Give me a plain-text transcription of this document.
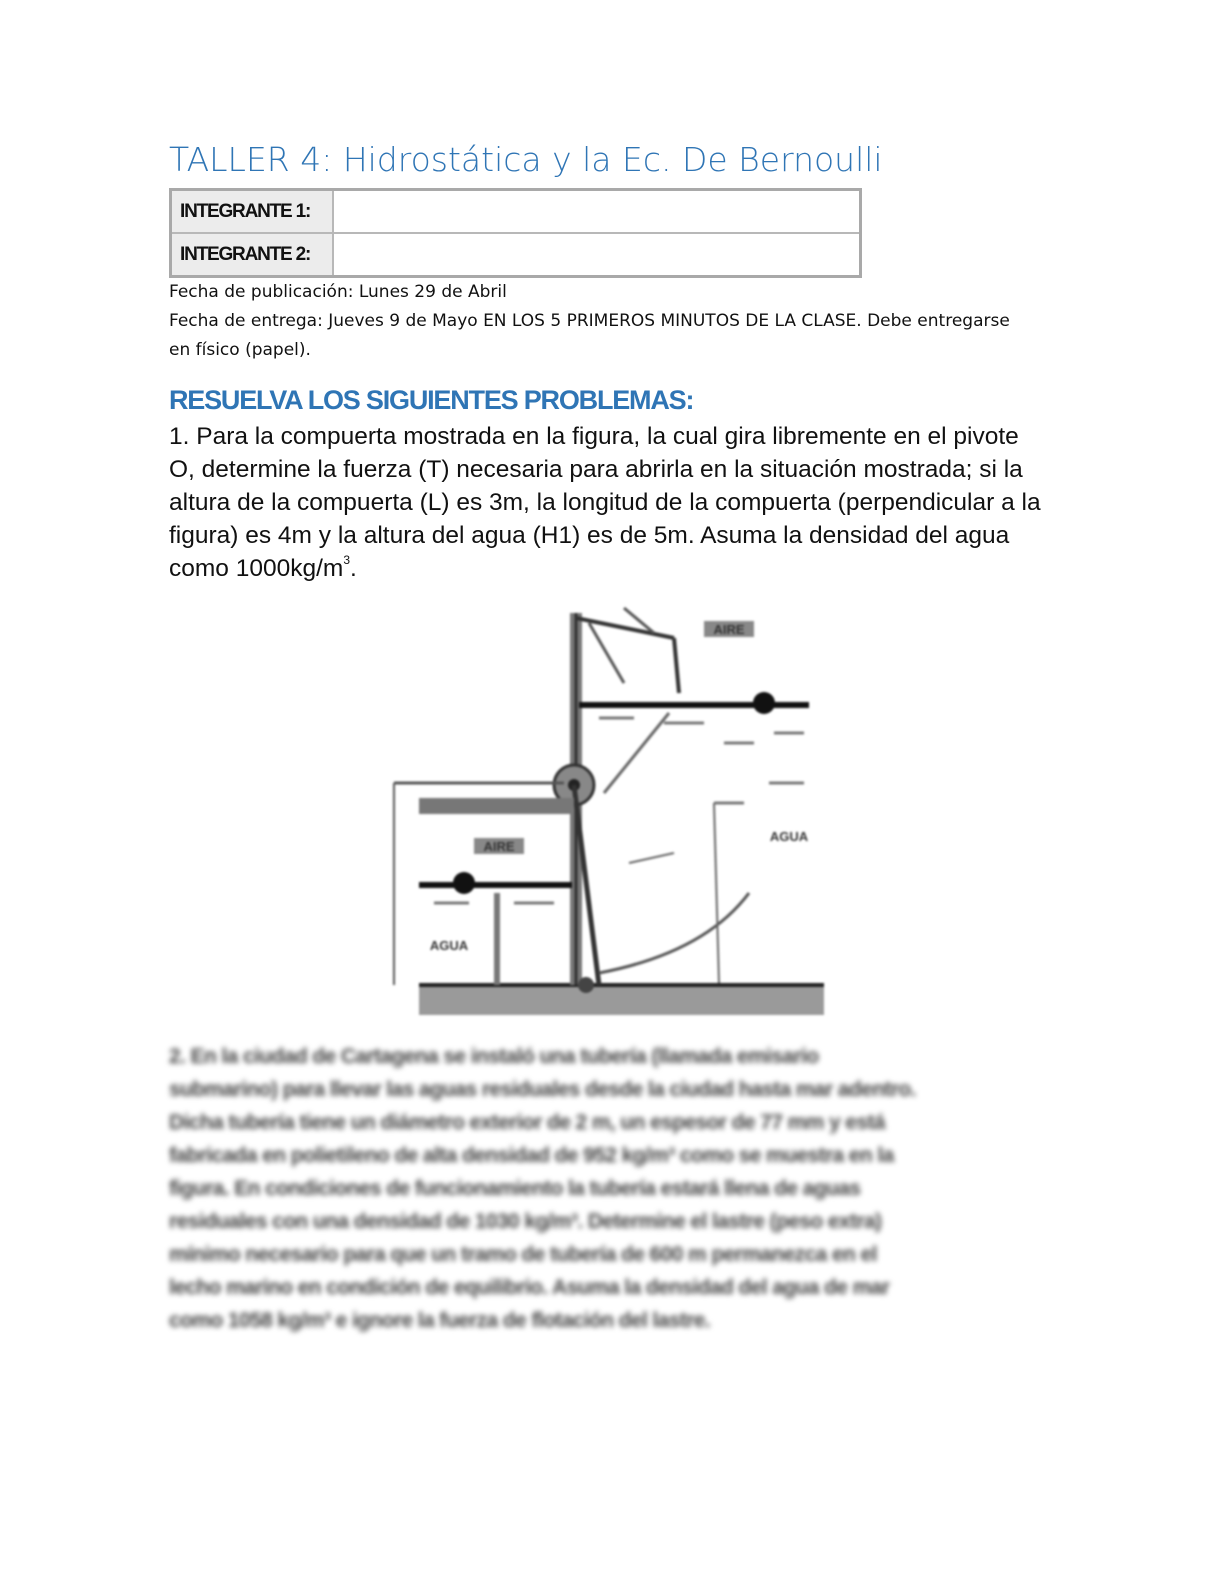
TALLER 4: Hidrostática y la Ec. De Bernoulli
INTEGRANTE 1:	
INTEGRANTE 2:	
Fecha de publicación: Lunes 29 de Abril
Fecha de entrega: Jueves 9 de Mayo EN LOS 5 PRIMEROS MINUTOS DE LA CLASE. Debe entregarse
en físico (papel).
RESUELVA LOS SIGUIENTES PROBLEMAS:
1. Para la compuerta mostrada en la figura, la cual gira libremente en el pivote
O, determine la fuerza (T) necesaria para abrirla en la situación mostrada; si la
altura de la compuerta (L) es 3m, la longitud de la compuerta (perpendicular a la
figura) es 4m y la altura del agua (H1) es de 5m. Asuma la densidad del agua
como $1000kg/m^3$.
AIRE
AGUA
AIRE
AGUA
2. En la ciudad de Cartagena se instaló una tubería (llamada emisario
submarino) para llevar las aguas residuales desde la ciudad hasta mar adentro.
Dicha tubería tiene un diámetro exterior de 2 m, un espesor de 77 mm y está
fabricada en polietileno de alta densidad de 952 kg/m³ como se muestra en la
figura. En condiciones de funcionamiento la tubería estará llena de aguas
residuales con una densidad de 1030 kg/m³. Determine el lastre (peso extra)
mínimo necesario para que un tramo de tubería de 600 m permanezca en el
lecho marino en condición de equilibrio. Asuma la densidad del agua de mar
como 1058 kg/m³ e ignore la fuerza de flotación del lastre.
